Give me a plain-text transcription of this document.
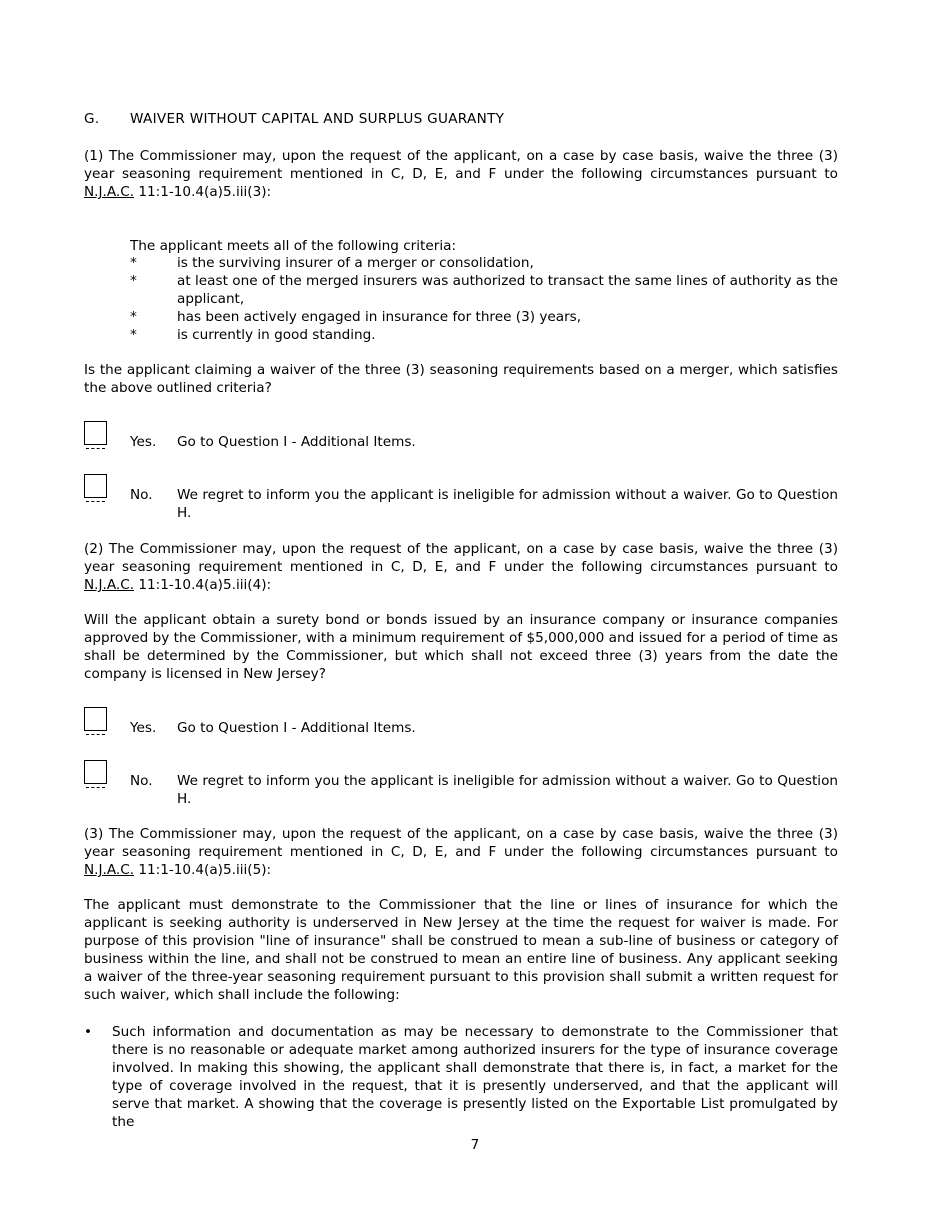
G. WAIVER WITHOUT CAPITAL AND SURPLUS GUARANTY
(1) The Commissioner may, upon the request of the applicant, on a case by case basis, waive the three (3) year seasoning requirement mentioned in C, D, E, and F under the following circumstances pursuant to N.J.A.C. 11:1-10.4(a)5.iii(3):
The applicant meets all of the following criteria:
*	is the surviving insurer of a merger or consolidation,
*	at least one of the merged insurers was authorized to transact the same lines of authority as the applicant,
*	has been actively engaged in insurance for three (3) years,
*	is currently in good standing.
Is the applicant claiming a waiver of the three (3) seasoning requirements based on a merger, which satisfies the above outlined criteria?
Yes. Go to Question I - Additional Items.
No. We regret to inform you the applicant is ineligible for admission without a waiver. Go to Question H.
(2) The Commissioner may, upon the request of the applicant, on a case by case basis, waive the three (3) year seasoning requirement mentioned in C, D, E, and F under the following circumstances pursuant to N.J.A.C. 11:1-10.4(a)5.iii(4):
Will the applicant obtain a surety bond or bonds issued by an insurance company or insurance companies approved by the Commissioner, with a minimum requirement of $5,000,000 and issued for a period of time as shall be determined by the Commissioner, but which shall not exceed three (3) years from the date the company is licensed in New Jersey?
Yes. Go to Question I - Additional Items.
No. We regret to inform you the applicant is ineligible for admission without a waiver. Go to Question H.
(3) The Commissioner may, upon the request of the applicant, on a case by case basis, waive the three (3) year seasoning requirement mentioned in C, D, E, and F under the following circumstances pursuant to N.J.A.C. 11:1-10.4(a)5.iii(5):
The applicant must demonstrate to the Commissioner that the line or lines of insurance for which the applicant is seeking authority is underserved in New Jersey at the time the request for waiver is made. For purpose of this provision "line of insurance" shall be construed to mean a sub-line of business or category of business within the line, and shall not be construed to mean an entire line of business. Any applicant seeking a waiver of the three-year seasoning requirement pursuant to this provision shall submit a written request for such waiver, which shall include the following:
• Such information and documentation as may be necessary to demonstrate to the Commissioner that there is no reasonable or adequate market among authorized insurers for the type of insurance coverage involved. In making this showing, the applicant shall demonstrate that there is, in fact, a market for the type of coverage involved in the request, that it is presently underserved, and that the applicant will serve that market. A showing that the coverage is presently listed on the Exportable List promulgated by the
7
